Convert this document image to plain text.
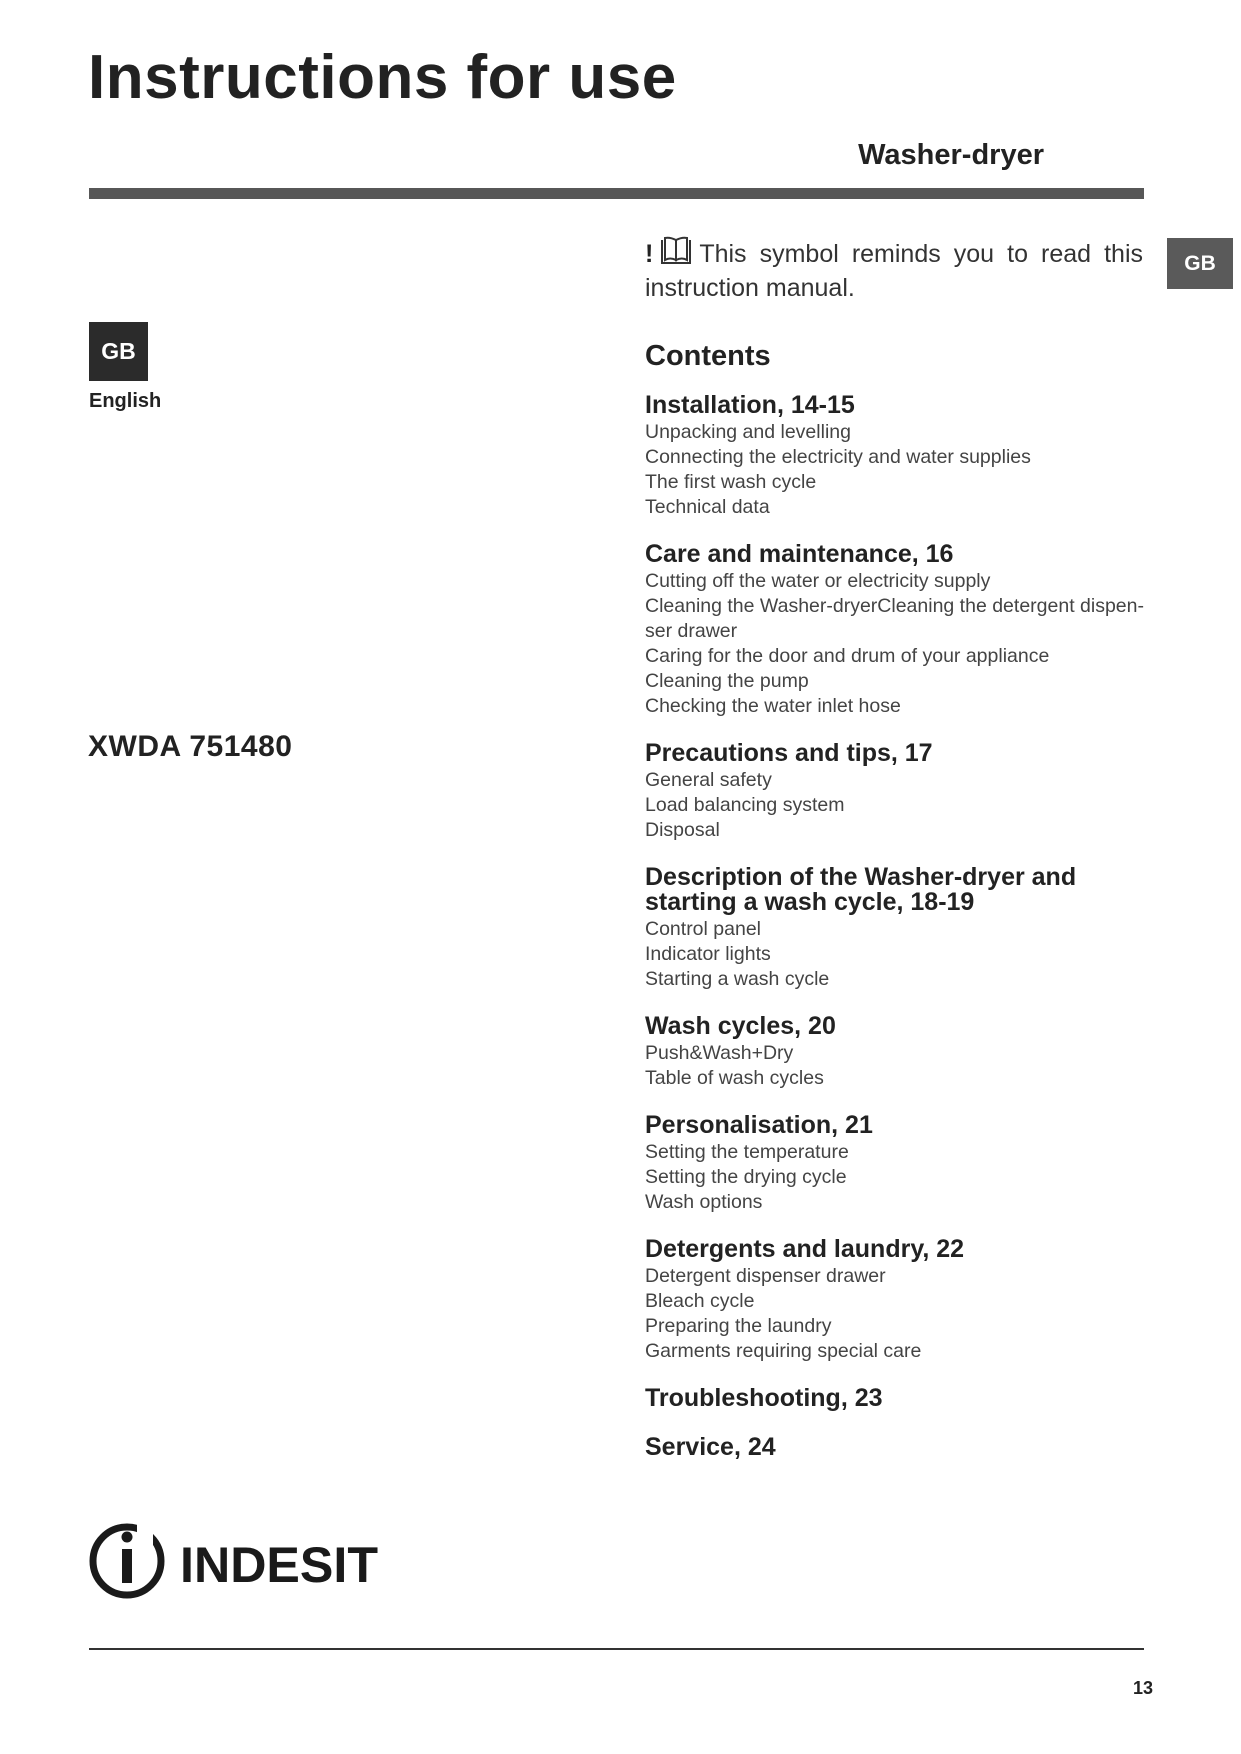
Instructions for use
Washer-dryer
GB
GB
English
XWDA 751480
! This symbol reminds you to read this instruction manual.
Contents
Installation, 14-15
Unpacking and levelling
Connecting the electricity and water supplies
The first wash cycle
Technical data
Care and maintenance, 16
Cutting off the water or electricity supply
Cleaning the Washer-dryerCleaning the detergent dispen-
ser drawer
Caring for the door and drum of your appliance
Cleaning the pump
Checking the water inlet hose
Precautions and tips, 17
General safety
Load balancing system
Disposal
Description of the Washer-dryer and
starting a wash cycle, 18-19
Control panel
Indicator lights
Starting a wash cycle
Wash cycles, 20
Push&Wash+Dry
Table of wash cycles
Personalisation, 21
Setting the temperature
Setting the drying cycle
Wash options
Detergents and laundry, 22
Detergent dispenser drawer
Bleach cycle
Preparing the laundry
Garments requiring special care
Troubleshooting, 23
Service, 24
INDESIT
13
